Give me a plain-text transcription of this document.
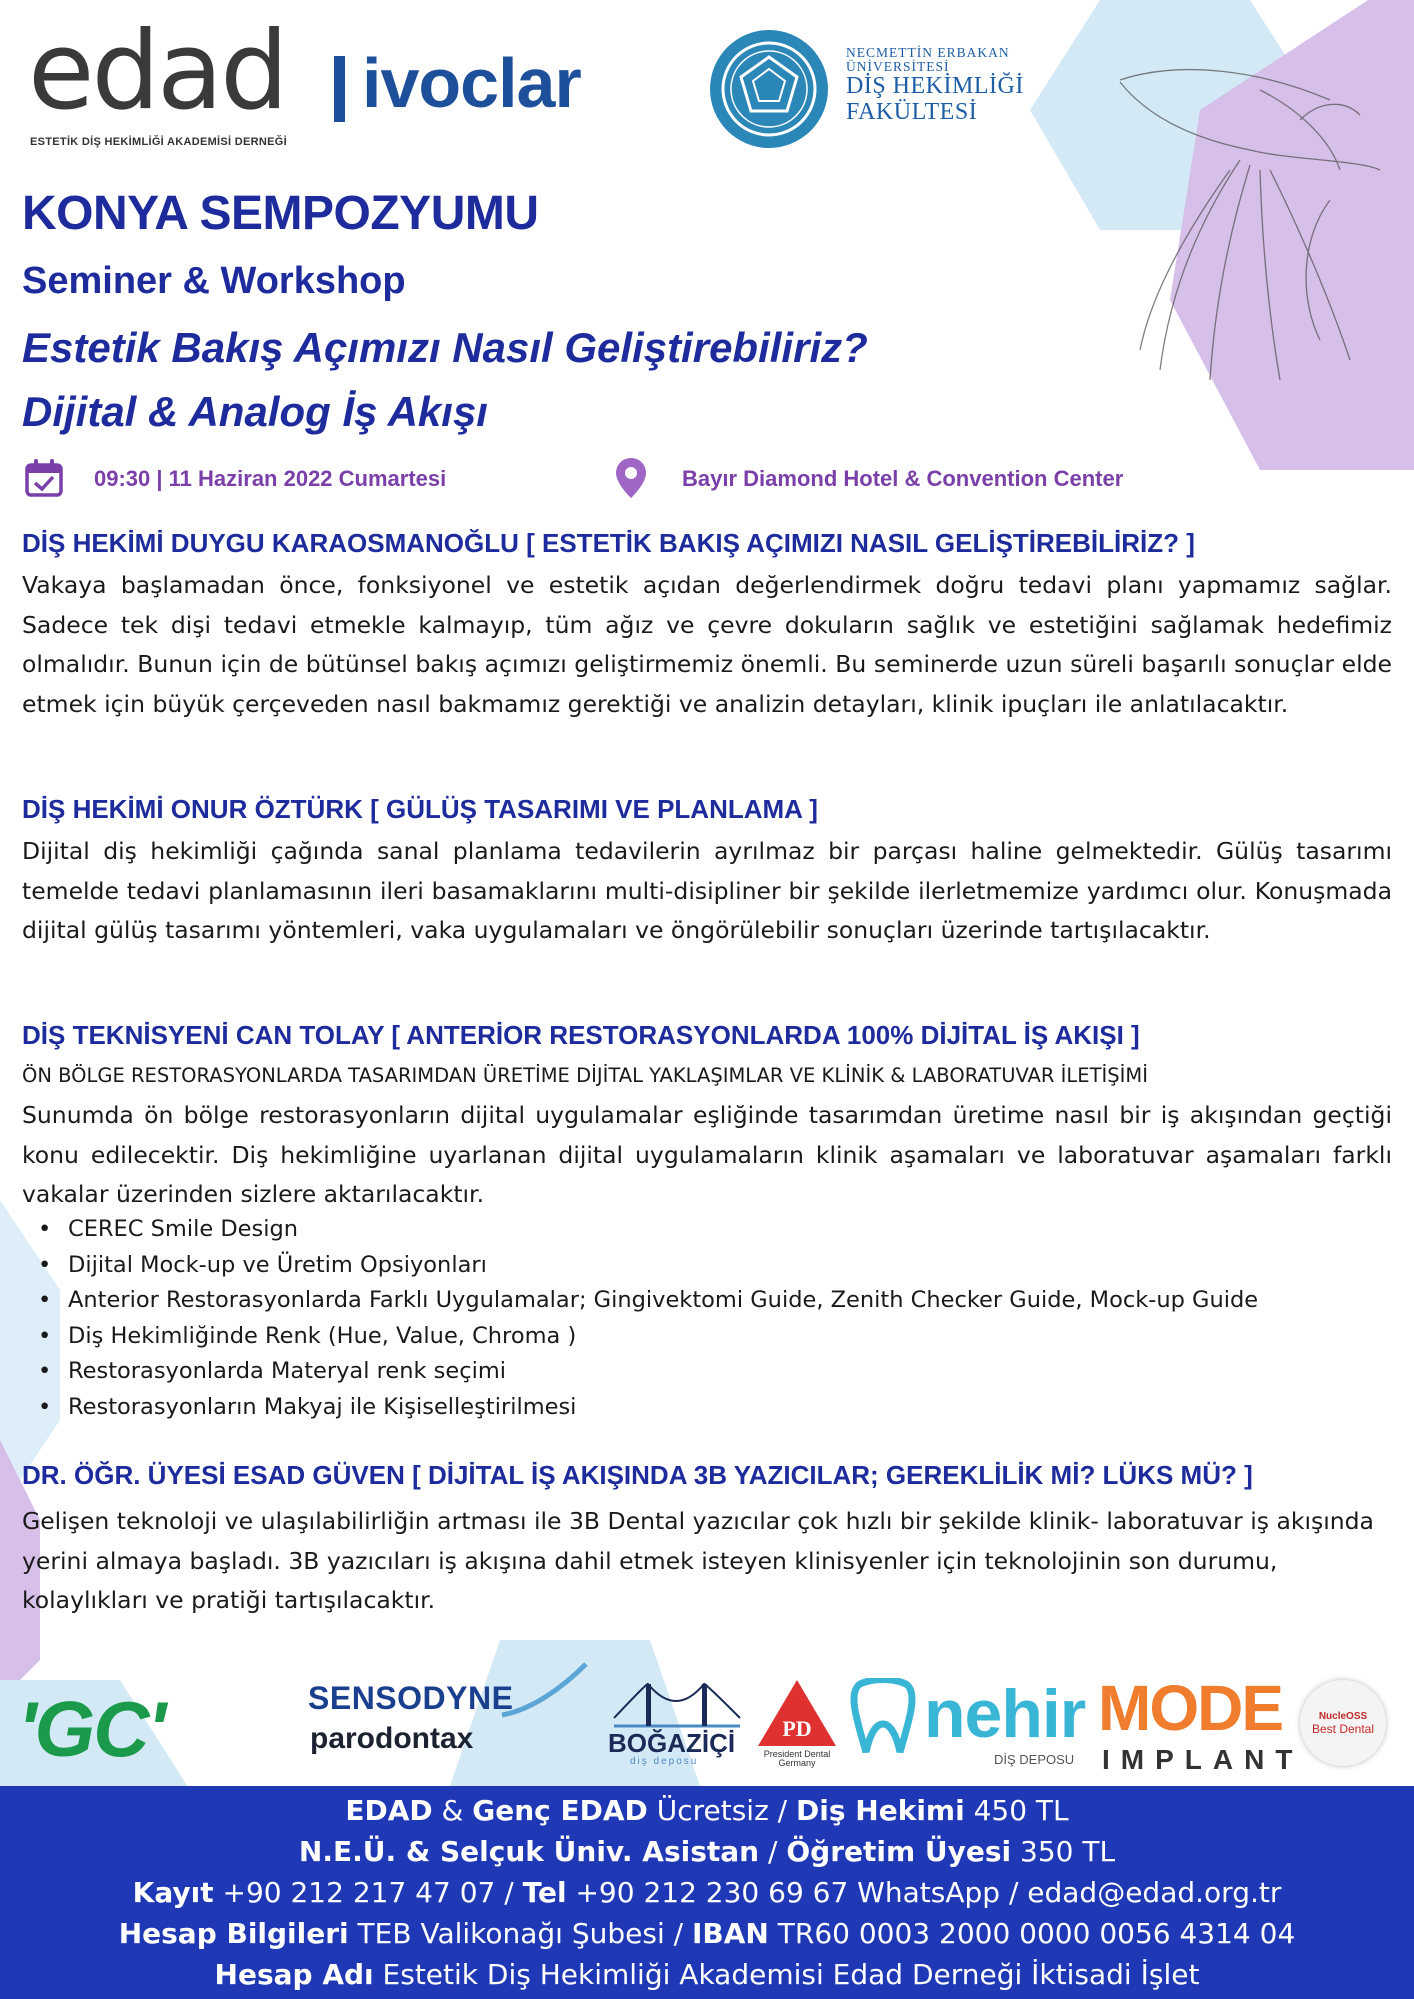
edad
ESTETİK DİŞ HEKİMLİĞİ AKADEMİSİ DERNEĞİ
ivoclar	NECMETTİN ERBAKAN
ÜNİVERSİTESİ
DİŞ HEKİMLİĞİ
FAKÜLTESİ
KONYA SEMPOZYUMU
Seminer & Workshop
Estetik Bakış Açımızı Nasıl Geliştirebiliriz?
Dijital & Analog İş Akışı
09:30 | 11 Haziran 2022 Cumartesi	Bayır Diamond Hotel & Convention Center
DİŞ HEKİMİ DUYGU KARAOSMANOĞLU [ ESTETİK BAKIŞ AÇIMIZI NASIL GELİŞTİREBİLİRİZ? ]
Vakaya başlamadan önce, fonksiyonel ve estetik açıdan değerlendirmek doğru tedavi planı yapmamız sağlar. Sadece tek dişi tedavi etmekle kalmayıp, tüm ağız ve çevre dokuların sağlık ve estetiğini sağlamak hedefimiz olmalıdır. Bunun için de bütünsel bakış açımızı geliştirmemiz önemli. Bu seminerde uzun süreli başarılı sonuçlar elde etmek için büyük çerçeveden nasıl bakmamız gerektiği ve analizin detayları, klinik ipuçları ile anlatılacaktır.
DİŞ HEKİMİ ONUR ÖZTÜRK [ GÜLÜŞ TASARIMI VE PLANLAMA ]
Dijital diş hekimliği çağında sanal planlama tedavilerin ayrılmaz bir parçası haline gelmektedir. Gülüş tasarımı temelde tedavi planlamasının ileri basamaklarını multi-disipliner bir şekilde ilerletmemize yardımcı olur. Konuşmada dijital gülüş tasarımı yöntemleri, vaka uygulamaları ve öngörülebilir sonuçları üzerinde tartışılacaktır.
DİŞ TEKNİSYENİ CAN TOLAY [ ANTERİOR RESTORASYONLARDA 100% DİJİTAL İŞ AKIŞI ]
ÖN BÖLGE RESTORASYONLARDA TASARIMDAN ÜRETİME DİJİTAL YAKLAŞIMLAR VE KLİNİK & LABORATUVAR İLETİŞİMİ
Sunumda ön bölge restorasyonların dijital uygulamalar eşliğinde tasarımdan üretime nasıl bir iş akışından geçtiği konu edilecektir. Diş hekimliğine uyarlanan dijital uygulamaların klinik aşamaları ve laboratuvar aşamaları farklı vakalar üzerinden sizlere aktarılacaktır.
• CEREC Smile Design
• Dijital Mock-up ve Üretim Opsiyonları
• Anterior Restorasyonlarda Farklı Uygulamalar; Gingivektomi Guide, Zenith Checker Guide, Mock-up Guide
• Diş Hekimliğinde Renk (Hue, Value, Chroma )
• Restorasyonlarda Materyal renk seçimi
• Restorasyonların Makyaj ile Kişiselleştirilmesi
DR. ÖĞR. ÜYESİ ESAD GÜVEN [ DİJİTAL İŞ AKIŞINDA 3B YAZICILAR; GEREKLİLİK Mİ? LÜKS MÜ? ]
Gelişen teknoloji ve ulaşılabilirliğin artması ile 3B Dental yazıcılar çok hızlı bir şekilde klinik- laboratuvar iş akışında yerini almaya başladı. 3B yazıcıları iş akışına dahil etmek isteyen klinisyenler için teknolojinin son durumu, kolaylıkları ve pratiği tartışılacaktır.
'GC'	SENSODYNE
parodontax	BOĞAZİÇİ
diş deposu
PD
President Dental
Germany
nehir
DİŞ DEPOSU
MODE
IMPLANT
NucleOSS
Best Dental
EDAD & Genç EDAD Ücretsiz / Diş Hekimi 450 TL
N.E.Ü. & Selçuk Üniv. Asistan / Öğretim Üyesi 350 TL
Kayıt +90 212 217 47 07 / Tel +90 212 230 69 67 WhatsApp / edad@edad.org.tr
Hesap Bilgileri TEB Valikonağı Şubesi / IBAN TR60 0003 2000 0000 0056 4314 04
Hesap Adı Estetik Diş Hekimliği Akademisi Edad Derneği İktisadi İşlet
